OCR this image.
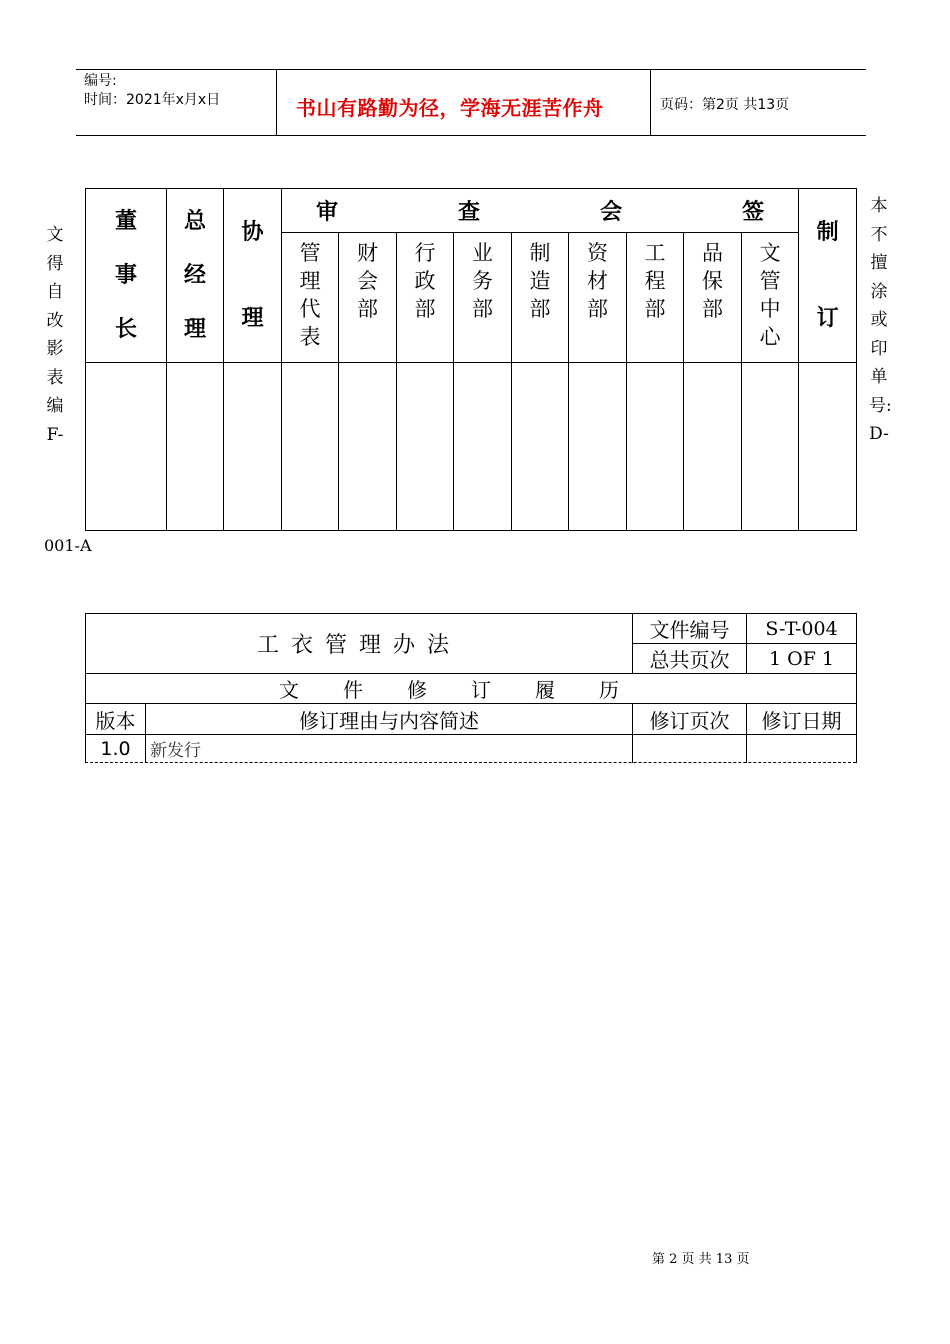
编号:
时间：2021年x月x日	书山有路勤为径，学海无涯苦作舟	页码：第2页 共13页
文得自改影表编F-
001-A
本不擅涂或印单号:D-
董事长	总经理	协理	审 查 会 签									制订
			管理代表	财会部	行政部	业务部	制造部	资材部	工程部	品保部	文管中心	

工衣管理办法		文件编号	S-T-004
		总共页次	1 OF 1
文件修订履历			
版本	修订理由与内容简述	修订页次	修订日期
1.0	新发行		
第 2 页 共 13 页
